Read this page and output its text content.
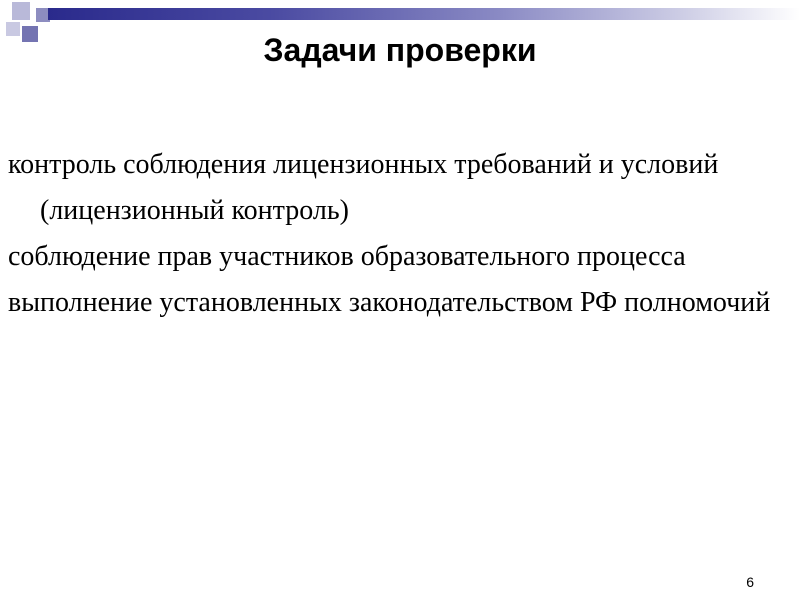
Задачи проверки
контроль соблюдения лицензионных требований и условий (лицензионный контроль)
соблюдение прав участников образовательного процесса
выполнение установленных законодательством РФ полномочий
6
